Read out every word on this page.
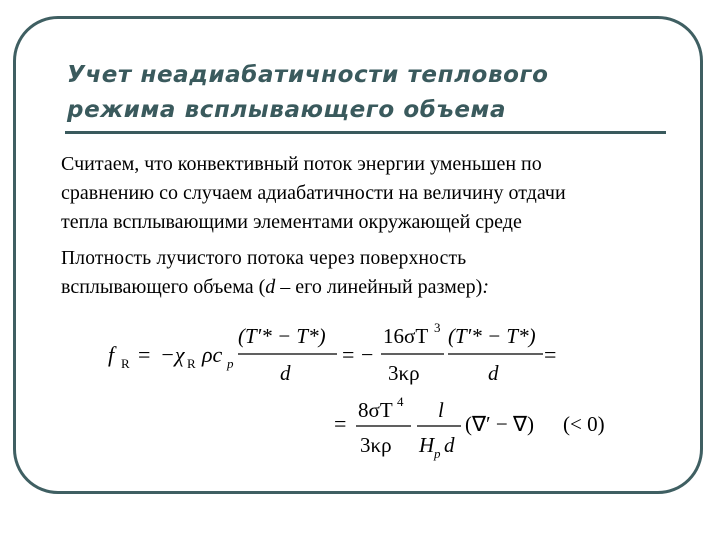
Учет неадиабатичности теплового
режима всплывающего объема
Считаем, что конвективный поток энергии уменьшен по
сравнению со случаем адиабатичности на величину отдачи
тепла всплывающими элементами окружающей среде
Плотность лучистого потока через поверхность
всплывающего объема (d – его линейный размер):
f R = −χ R ρc p
(T′* − T*)
d
= −
16σT 3
3κρ
(T′* − T*)
d
=
=
8σT 4
3κρ
l
H p d
(∇′ − ∇) (< 0)
